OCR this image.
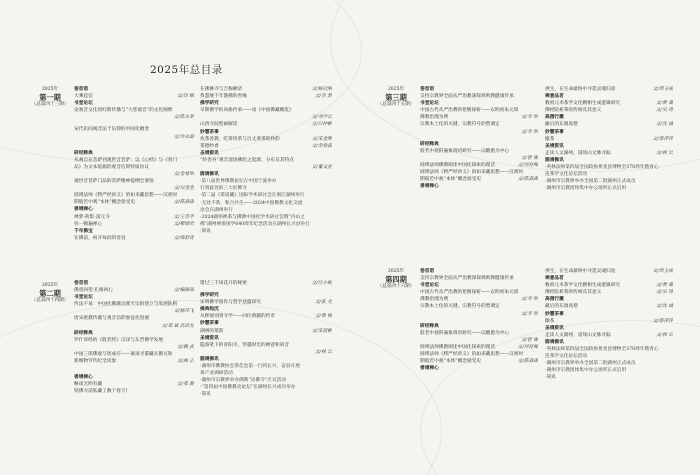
2025年总目录
2025年
第一期
（总第四十三期）
卷首语
大乘起信	文/印 顺
书堂论坛
论观音文化的红斯传播与“大慈观音”的文化阐释
文/陈永革
宋代民间观音法于信仰的中国化嬗变
文/李永斌
研经释典
从观自在菩萨到观世音菩萨：以《心经》与《普门
品》为文本依据的观音信仰特质仿议
文/金易明
观世音菩萨门品的菩萨精神提纲全要探
文/吴金金
圆瑛法师《楞严经讲义》的如来藏思想——汉密时
期般若中观“本体”概念接受史	文/陈森森
善境禅心
禅梦·荷影·富元寺	文/王宗平
弥一顿遍禅心	文/靳晓君
千年佛宝
在佛前，祝开每段的善良	文/韩舒青
在佛舞寺与吉梅陋话	文/杨启刚
我慧展千年鹊佛的善缘	文/李 梦
佛学研究
早期佛学的风格传承——谈《中国佛藏概览》
文/刘学云
山西寺院壁画解读	文/吕仲彬
妙慧茶事
炊茶善教、吃茶悟茶与百丈斋茶的妙韵	文/宋金辉
茶德妙香	文/余春霖
圣境资讯
“妙善谷”观音道场佛陀之起源、分布及其特点
文/董文星
圆境佛讯
·第八届世界佛教论坛在中国宁波举办
行到此处的三大好佛寺
·第二届《茶道藏》国际学术研讨会在浙江湖州举行
·无处不茶，和合共生——2024中国佛教文化交流
论会在湖州举行
·2024湖州禅茶与佛教中国化学术研讨会暨“内山之
佛”湖州禅茶国学640周年纪念活动在湖州长兴县举行
·简讯
2025年
第二期
（总第四十四期）
卷首语
佛意回望 扎根初心	文/编辑部
书堂论坛
传法不易：中国化佛教宗派天宗的创立与发展轨则
文/杨伟飞
唐宋密教传播与观音信仰象征化进展
文/郑 斌 高信友
研经释典
罗什译经的《般若经》汉译与东晋佛学发展
文/赖 武
中国三郎佛观与瑶成应——兼谈寻董藏瓦佛瓦和
新细物罗传纪全读象	文/曲 正
善境禅心
略谈无明有藏	文/郑 静
铁佛寺前私藏了数个春天!
错过三千场花开的秘密	文/汪小妮
佛学研究
宋明佛学创作与哲学意蕴探究	文/张 光
佛典钩沉
从释观别到寺学——同位典籍的传奇	文/黄 梅
妙慧茶事
湖州的茶韵	文/宋晨彬
圣境资讯
隐游笔下的青阳寺，穿越时光的禅意和回音
文/林 云
圆境佛讯
·湖州市佛教协会茶佳会第一行到长兴、奋县开展
茶产业调研活动
·湖州市宗教界举办佛教“论佛寺”庄宣活动
·“第四届中国佛教史论坛”在湖州长兴成功举办
·简讯
2025年
第三期
（总第四十五期）
卷首语
支持宗教界全面从严治教深探规则教健康传承
书堂论坛
中国古代从严治教的伦敬探析——以明初朱元璋
佛教治理为例	文/李 明
宗教本土化的关键，宗教符号的塑调定
文/李 明
研经释典
般若中观的遍象谓语研究——以醒愚为中心
文/智 雍
圆瑛法师佛教阐述中国化探索的理话	文/何昆峰
圆瑛法师《楞严经讲义》的如来藏思想——汉密时
期般若中观“本体”概念接受史	文/陈森森
善境禅心
供生，在生命最终中寻觅灵魂归途	文/周玉成
禅意品茗
数祖元术茶学文化精相生成逻辑研究	文/黄 桑
佛经院析茶的传统及其意义	文/吴 琦
高僧行履
蔽后的东渡高僧	文/沈 诚
妙慧茶事
徽茶	文/蔡萍萍
圣境资讯
走读人文湖州，道场山文脉寻踪	文/林 云
圆境佛讯
·英林法师第四届全国政协黄麦县博物全370周年暨青心
连茶学文化论坛活动
·湖州市宗教界举办全国第二批湖州正式成员
·湖州市宗教团体集中办公场所正式启用
2025年
第四期
（总第四十六期）
卷首语
支持宗教界全面从严治教深探规则教健康传承
书堂论坛
中国古代从严治教的伦敬探析——以明初朱元璋
佛教治理为例	文/李 明
宗教本土化的关键，宗教符号的塑调定
文/李 明
研经释典
般若中观的遍象谓语研究——以醒愚为中心
文/智 雍
圆瑛法师佛教阐述中国化探索的理话	文/何昆峰
圆瑛法师《楞严经讲义》的如来藏思想——汉密时
期般若中观“本体”概念接受史	文/陈森森
善境禅心
供生，在生命最终中寻觅灵魂归途	文/周玉成
禅意品茗
数祖元术茶学文化精相生成逻辑研究	文/黄 桑
佛经院析茶的传统及其意义	文/吴 琦
高僧行履
蔽后的东渡高僧	文/沈 诚
妙慧茶事
徽茶	文/蔡萍萍
圣境资讯
走读人文湖州，道场山文脉寻踪	文/林 云
圆境佛讯
·英林法师第四届全国政协黄麦县博物全370周年暨青心
连茶学文化论坛活动
·湖州市宗教界举办全国第二批湖州正式成员
·湖州市宗教团体集中办公场所正式启用
·简讯
